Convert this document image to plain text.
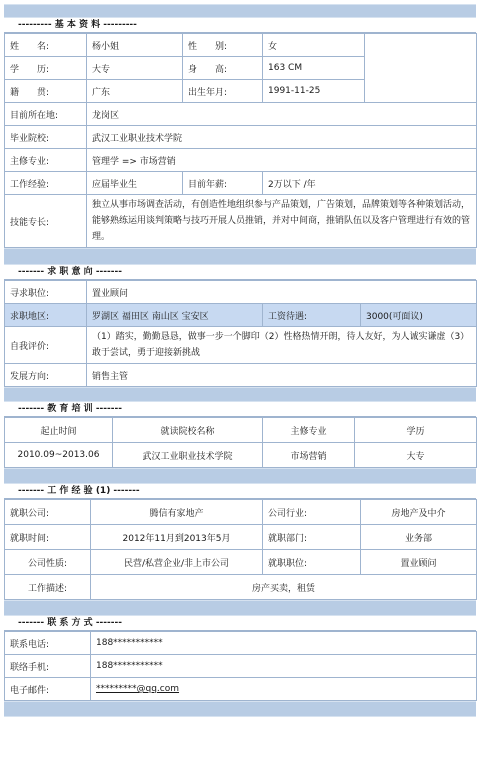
--------- 基 本 资 料 ---------
姓　　名:	杨小姐	性　　别:	女	
学　　历:	大专	身　　高:	163 CM	
籍　　贯:	广东	出生年月:	1991-11-25	
目前所在地:	龙岗区			
毕业院校:	武汉工业职业技术学院			
主修专业:	管理学 => 市场营销			
工作经验:	应届毕业生	目前年薪:	2万以下 /年	
技能专长:	独立从事市场调查活动，有创造性地组织参与产品策划，广告策划，品牌策划等各种策划活动，能够熟练运用谈判策略与技巧开展人员推销，并对中间商，推销队伍以及客户管理进行有效的管理。			
------- 求 职 意 向 -------
寻求职位:	置业顾问		
求职地区:	罗湖区 福田区 南山区 宝安区	工资待遇:	3000(可面议)
自我评价:	（1）踏实，勤勤恳恳，做事一步一个脚印（2）性格热情开朗，待人友好，为人诚实谦虚（3）敢于尝试，勇于迎接新挑战		
发展方向:	销售主管		
------- 教 育 培 训 -------
起止时间	就读院校名称	主修专业	学历
2010.09~2013.06	武汉工业职业技术学院	市场营销	大专
------- 工 作 经 验 (1) -------
就职公司:	腾信有家地产	公司行业:	房地产及中介
就职时间:	2012年11月到2013年5月	就职部门:	业务部
公司性质:	民营/私营企业/非上市公司	就职职位:	置业顾问
工作描述:	房产买卖，租赁		
------- 联 系 方 式 -------
联系电话:	188***********
联络手机:	188***********
电子邮件:	*********@qq.com
